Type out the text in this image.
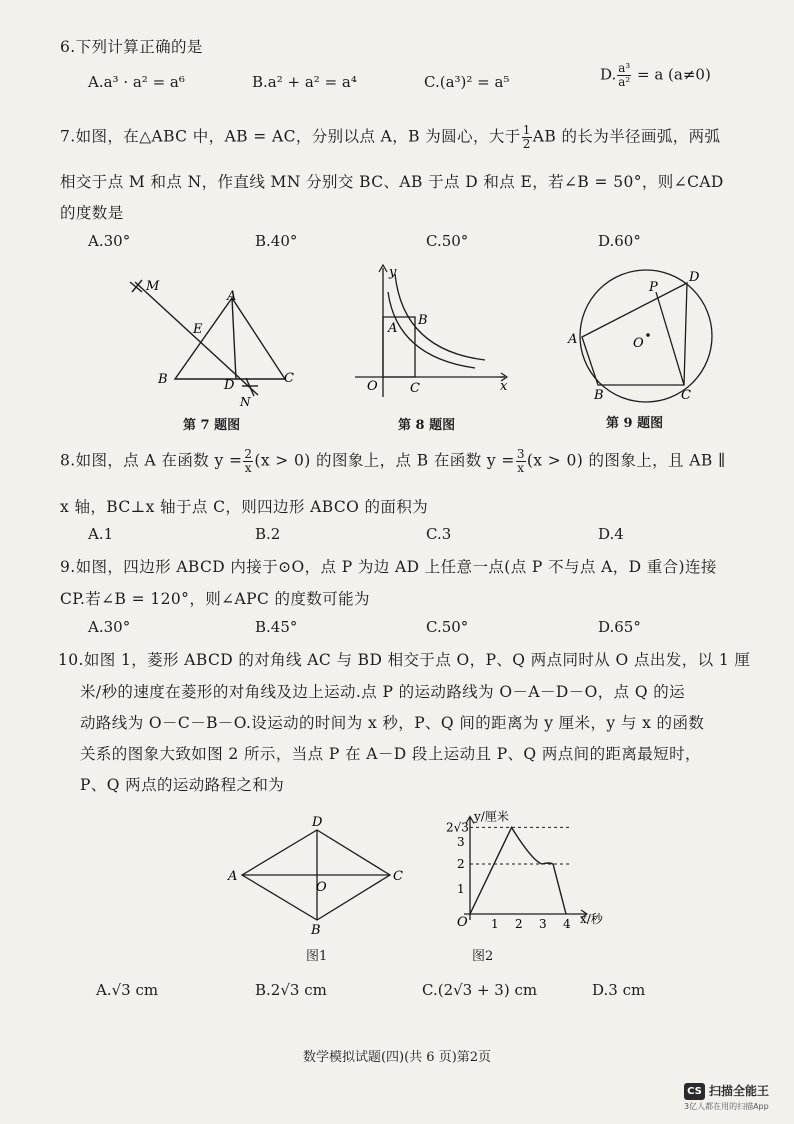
6.下列计算正确的是
A.a³ · a² = a⁶	B.a² + a² = a⁴	C.(a³)² = a⁵	D. $\frac{\text{a³}}{\text{a²}} = a$ (a≠0)
7.如图，在△ABC 中，AB = AC，分别以点 A，B 为圆心，大于 $\frac{1}{2}$ AB 的长为半径画弧，两弧
相交于点 M 和点 N，作直线 MN 分别交 BC、AB 于点 D 和点 E，若∠B = 50°，则∠CAD
的度数是
A.30°	B.40°	C.50°	D.60°
M
A
E
B	D
N
C
第 7 题图
y
A
B
O C	x
第 8 题图
P
D
A	O
B	C
第 9 题图
8.如图，点 A 在函数 $y = \frac{2}{x} (x > 0)$ 的图象上，点 B 在函数 $y = \frac{3}{x} (x > 0)$ 的图象上，且 AB ∥
x 轴，BC⊥x 轴于点 C，则四边形 ABCO 的面积为
A.1	B.2	C.3	D.4
9.如图，四边形 ABCD 内接于⊙O，点 P 为边 AD 上任意一点(点 P 不与点 A，D 重合)连接
CP.若∠B = 120°，则∠APC 的度数可能为
A.30°	B.45°	C.50°	D.65°
10.如图 1，菱形 ABCD 的对角线 AC 与 BD 相交于点 O，P、Q 两点同时从 O 点出发，以 1 厘
米/秒的速度在菱形的对角线及边上运动.点 P 的运动路线为 O－A－D－O，点 Q 的运
动路线为 O－C－B－O.设运动的时间为 x 秒，P、Q 间的距离为 y 厘米，y 与 x 的函数
关系的图象大致如图 2 所示，当点 P 在 A－D 段上运动且 P、Q 两点间的距离最短时，
P、Q 两点的运动路程之和为
D
A
O
C
B
图1
y/厘米
x/秒
O 1 2 3 4
2√3
3
2
1
图2
A.√3 cm	B.2√3 cm	C.(2√3 + 3) cm	D.3 cm
数学模拟试题(四)(共 6 页)第2页
CS 扫描全能王
3亿人都在用的扫描App
